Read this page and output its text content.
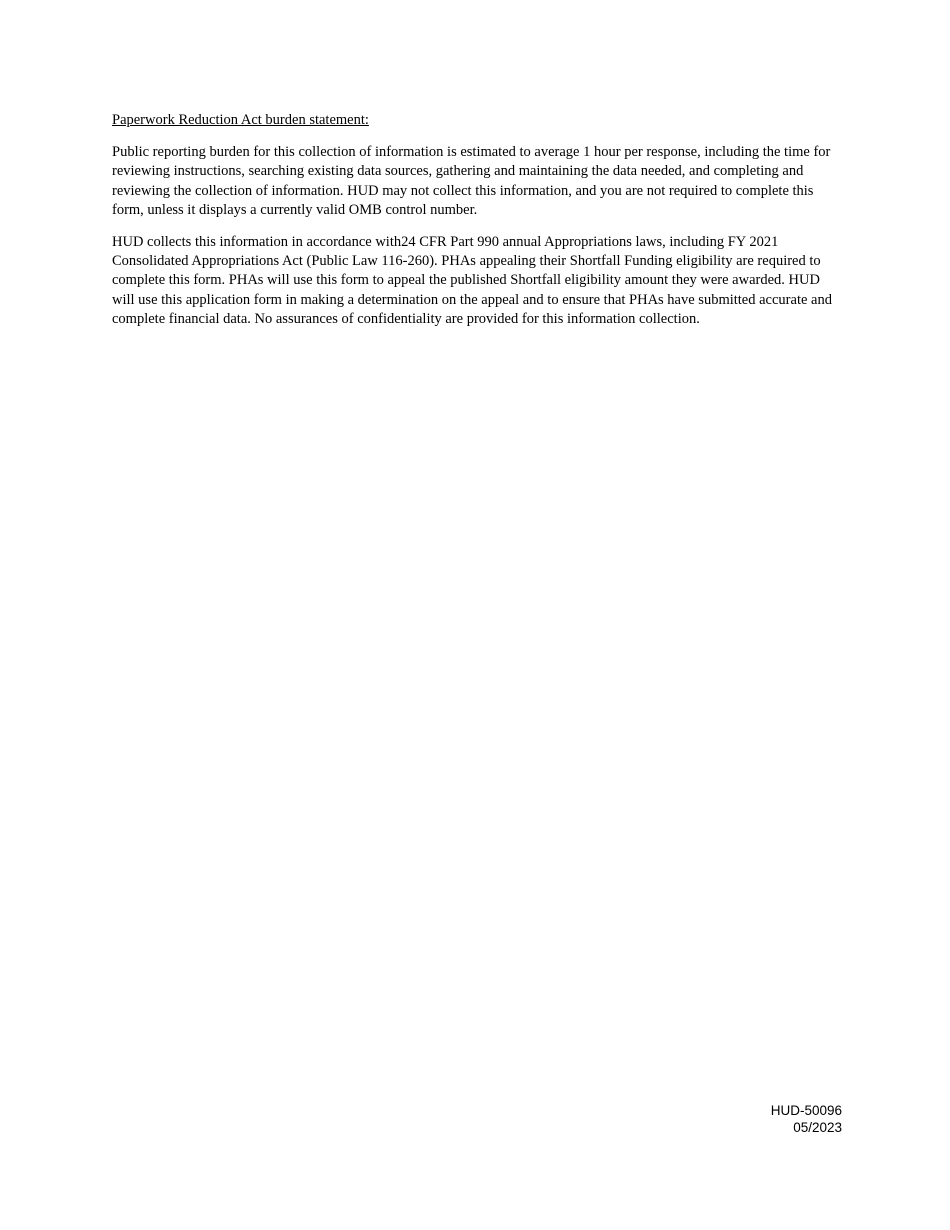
Paperwork Reduction Act burden statement:

Public reporting burden for this collection of information is estimated to average 1 hour per response, including the time for reviewing instructions, searching existing data sources, gathering and maintaining the data needed, and completing and reviewing the collection of information. HUD may not collect this information, and you are not required to complete this form, unless it displays a currently valid OMB control number.

HUD collects this information in accordance with24 CFR Part 990 annual Appropriations laws, including FY 2021 Consolidated Appropriations Act (Public Law 116-260). PHAs appealing their Shortfall Funding eligibility are required to complete this form. PHAs will use this form to appeal the published Shortfall eligibility amount they were awarded. HUD will use this application form in making a determination on the appeal and to ensure that PHAs have submitted accurate and complete financial data. No assurances of confidentiality are provided for this information collection.

HUD-50096
05/2023
